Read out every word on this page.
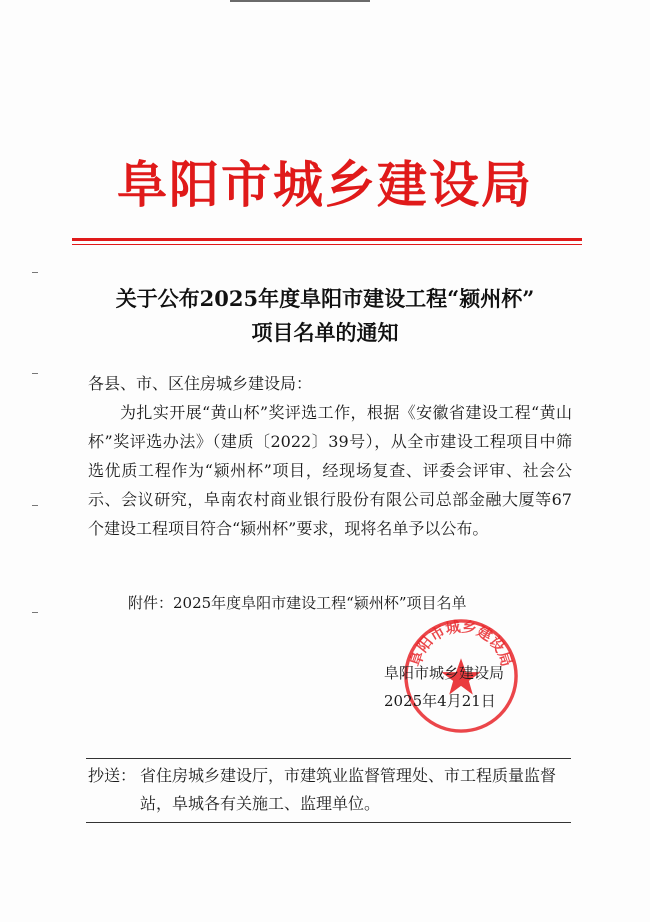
阜阳市城乡建设局
关于公布2025年度阜阳市建设工程“颍州杯”
项目名单的通知
各县、市、区住房城乡建设局：
为扎实开展“黄山杯”奖评选工作，根据《安徽省建设工程“黄山杯”奖评选办法》（建质〔2022〕39号），从全市建设工程项目中筛选优质工程作为“颍州杯”项目，经现场复查、评委会评审、社会公示、会议研究，阜南农村商业银行股份有限公司总部金融大厦等67个建设工程项目符合“颍州杯”要求，现将名单予以公布。
附件：2025年度阜阳市建设工程“颍州杯”项目名单
阜阳市城乡建设局
阜阳市城乡建设局
2025年4月21日
抄送： 省住房城乡建设厅，市建筑业监督管理处、市工程质量监督站，阜城各有关施工、监理单位。
